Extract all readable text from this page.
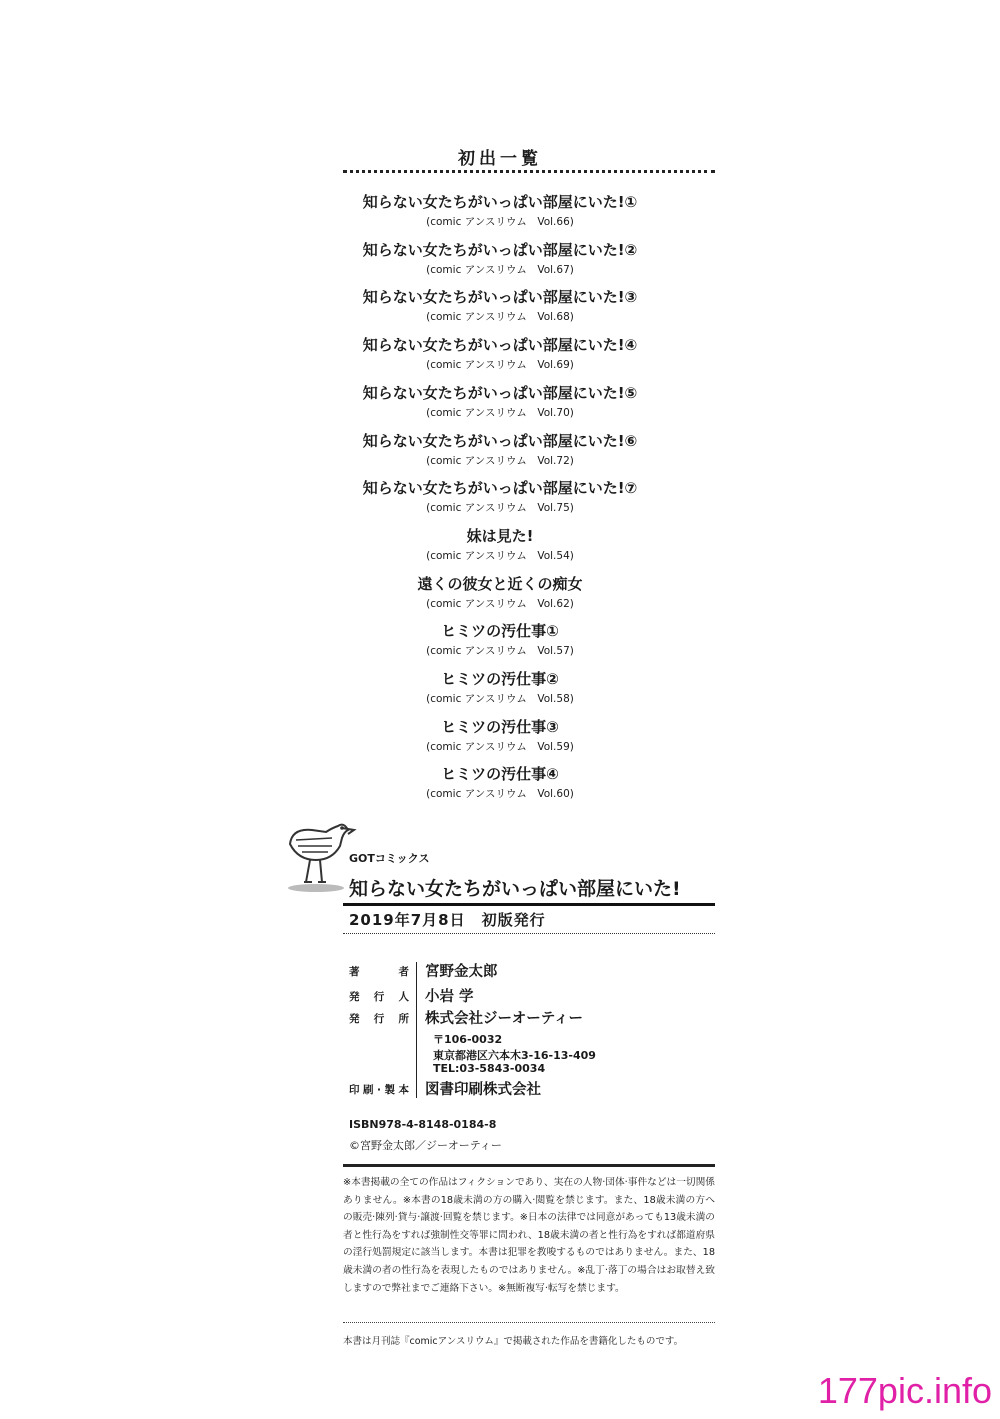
初出一覧
知らない女たちがいっぱい部屋にいた!①
(comic アンスリウム　Vol.66)
知らない女たちがいっぱい部屋にいた!②
(comic アンスリウム　Vol.67)
知らない女たちがいっぱい部屋にいた!③
(comic アンスリウム　Vol.68)
知らない女たちがいっぱい部屋にいた!④
(comic アンスリウム　Vol.69)
知らない女たちがいっぱい部屋にいた!⑤
(comic アンスリウム　Vol.70)
知らない女たちがいっぱい部屋にいた!⑥
(comic アンスリウム　Vol.72)
知らない女たちがいっぱい部屋にいた!⑦
(comic アンスリウム　Vol.75)
妹は見た!
(comic アンスリウム　Vol.54)
遠くの彼女と近くの痴女
(comic アンスリウム　Vol.62)
ヒミツの汚仕事①
(comic アンスリウム　Vol.57)
ヒミツの汚仕事②
(comic アンスリウム　Vol.58)
ヒミツの汚仕事③
(comic アンスリウム　Vol.59)
ヒミツの汚仕事④
(comic アンスリウム　Vol.60)
GOTコミックス
知らない女たちがいっぱい部屋にいた!
2019年7月8日　初版発行
著　者 宮野金太郎
発行人 小岩 学
発行所 株式会社ジーオーティー
〒106-0032
東京都港区六本木3-16-13-409
TEL:03-5843-0034
印刷·製本 図書印刷株式会社
ISBN978-4-8148-0184-8
©宮野金太郎／ジーオーティー
※本書掲載の全ての作品はフィクションであり、実在の人物·団体·事件などは一切関係ありません。※本書の18歳未満の方の購入·閲覧を禁じます。また、18歳未満の方への販売·陳列·貸与·譲渡·回覧を禁じます。※日本の法律では同意があっても13歳未満の者と性行為をすれば強制性交等罪に問われ、18歳未満の者と性行為をすれば都道府県の淫行処罰規定に該当します。本書は犯罪を教唆するものではありません。また、18歳未満の者の性行為を表現したものではありません。※乱丁·落丁の場合はお取替え致しますので弊社までご連絡下さい。※無断複写·転写を禁じます。
本書は月刊誌『comicアンスリウム』で掲載された作品を書籍化したものです。
177pic.info
